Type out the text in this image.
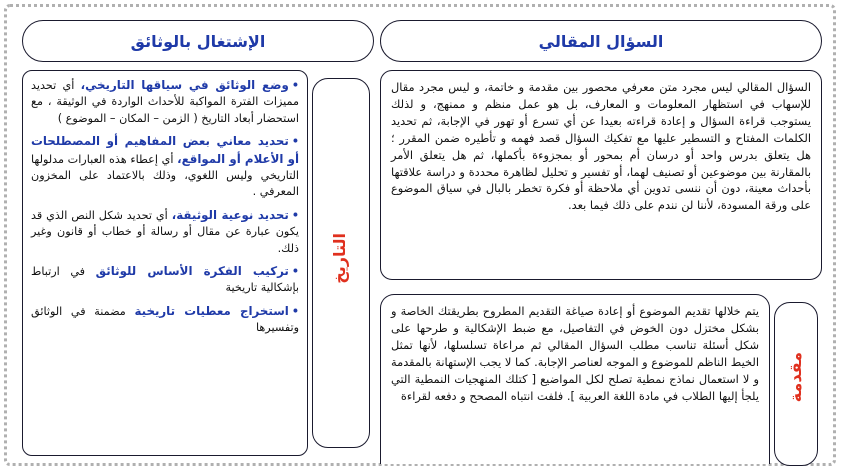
الإشتغال بالوثائق	السؤال المقالي
السؤال المقالي ليس مجرد متن معرفي محصور بين مقدمة و خاتمة، و ليس مجرد مقال للإسهاب في استظهار المعلومات و المعارف، بل هو عمل منظم و ممنهج، و لذلك يستوجب قراءة السؤال و إعادة قراءته بعيدا عن أي تسرع أو تهور في الإجابة، ثم تحديد الكلمات المفتاح و التسطير عليها مع تفكيك السؤال قصد فهمه و تأطيره ضمن المقرر ؛ هل يتعلق بدرس واحد أو درسان أم بمحور أو بمجزوءة بأكملها، ثم هل يتعلق الأمر بالمقارنة بين موضوعين أو تصنيف لهما، أو تفسير و تحليل لظاهرة محددة و دراسة علاقتها بأحداث معينة، دون أن ننسى تدوين أي ملاحظة أو فكرة تخطر بالبال في سياق الموضوع على ورقة المسودة، لأننا لن نندم على ذلك فيما بعد.
يتم خلالها تقديم الموضوع أو إعادة صياغة التقديم المطروح بطريقتك الخاصة و بشكل مختزل دون الخوض في التفاصيل، مع ضبط الإشكالية و طرحها على شكل أسئلة تناسب مطلب السؤال المقالي ثم مراعاة تسلسلها، لأنها تمثل الخيط الناظم للموضوع و الموجه لعناصر الإجابة. كما لا يجب الإستهانة بالمقدمة و لا استعمال نماذج نمطية تصلح لكل المواضيع [ كتلك المنهجيات النمطية التي يلجأ إليها الطلاب في مادة اللغة العربية ]. فلفت انتباه المصحح و دفعه لقراءة	مقدمة
التاريخ
•وضع الوثائق في سياقها التاريخي، أي تحديد مميزات الفترة المواكبة للأحداث الواردة في الوثيقة ، مع استحضار أبعاد التاريخ ( الزمن – المكان – الموضوع )
•تحديد معاني بعض المفاهيم أو المصطلحات أو الأعلام أو المواقع، أي إعطاء هذه العبارات مدلولها التاريخي وليس اللغوي، وذلك بالاعتماد على المخزون المعرفي .
•تحديد نوعية الوثيقة، أي تحديد شكل النص الذي قد يكون عبارة عن مقال أو رسالة أو خطاب أو قانون وغير ذلك.
•تركيب الفكرة الأساس للوثائق في ارتباط بإشكالية تاريخية
•استخراج معطيات تاريخية مضمنة في الوثائق وتفسيرها
